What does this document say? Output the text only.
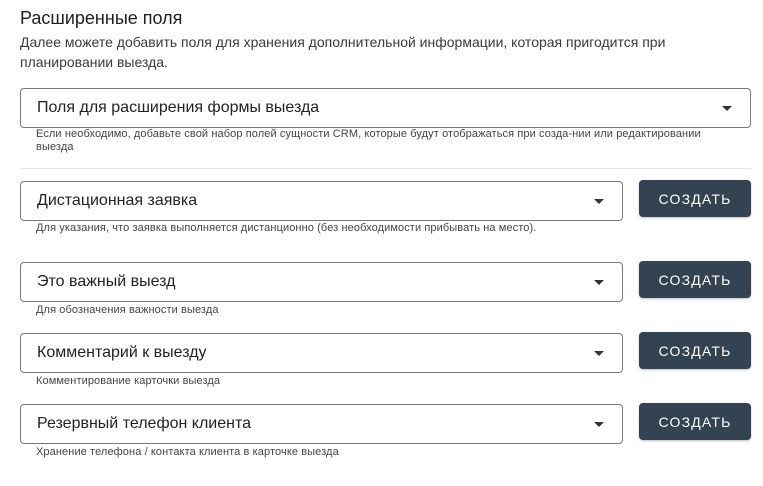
Расширенные поля
Далее можете добавить поля для хранения дополнительной информации, которая пригодится при планировании выезда.
Поля для расширения формы выезда
Если необходимо, добавьте свой набор полей сущности CRM, которые будут отображаться при созда-нии или редактировании выезда
Дистационная заявка	СОЗДАТЬ
Для указания, что заявка выполняется дистанционно (без необходимости прибывать на место).
Это важный выезд	СОЗДАТЬ
Для обозначения важности выезда
Комментарий к выезду	СОЗДАТЬ
Комментирование карточки выезда
Резервный телефон клиента	СОЗДАТЬ
Хранение телефона / контакта клиента в карточке выезда
